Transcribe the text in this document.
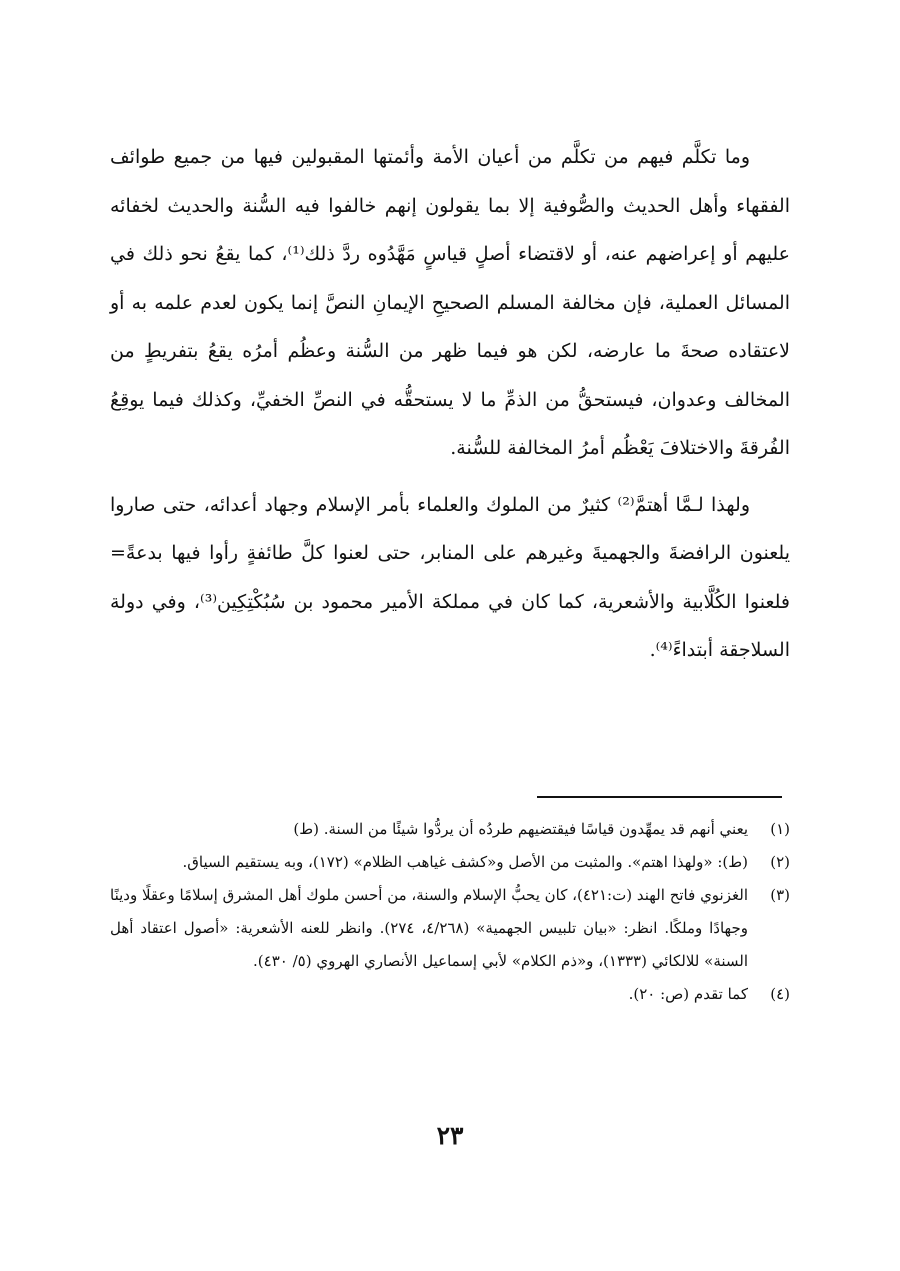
وما تكلَّم فيهم من تكلَّم من أعيان الأمة وأئمتها المقبولين فيها من جميع طوائف الفقهاء وأهل الحديث والصُّوفية إلا بما يقولون إنهم خالفوا فيه السُّنة والحديث لخفائه عليهم أو إعراضهم عنه، أو لاقتضاء أصلٍ قياسٍ مَهَّدُوه ردَّ ذلك⁽¹⁾، كما يقعُ نحو ذلك في المسائل العملية، فإن مخالفة المسلم الصحيحِ الإيمانِ النصَّ إنما يكون لعدم علمه به أو لاعتقاده صحةَ ما عارضه، لكن هو فيما ظهر من السُّنة وعظُم أمرُه يقعُ بتفريطٍ من المخالف وعدوان، فيستحقُّ من الذمِّ ما لا يستحقُّه في النصِّ الخفيِّ، وكذلك فيما يوقِعُ الفُرقةَ والاختلافَ يَعْظُم أمرُ المخالفة للسُّنة.

ولهذا لـمَّا أهتمَّ⁽²⁾ كثيرٌ من الملوك والعلماء بأمر الإسلام وجهاد أعدائه، حتى صاروا يلعنون الرافضةَ والجهميةَ وغيرهم على المنابر، حتى لعنوا كلَّ طائفةٍ رأوا فيها بدعةً= فلعنوا الكُلَّابية والأشعرية، كما كان في مملكة الأمير محمود بن سُبُكْتِكِين⁽³⁾، وفي دولة السلاجقة أبتداءً⁽⁴⁾.

(١)
يعني أنهم قد يمهِّدون قياسًا فيقتضيهم طردُه أن يردُّوا شيئًا من السنة. (ط)
(٢)
(ط): «ولهذا اهتم». والمثبت من الأصل و«كشف غياهب الظلام» (١٧٢)، وبه يستقيم السياق.
(٣)
الغزنوي فاتح الهند (ت:٤٢١)، كان يحبُّ الإسلام والسنة، من أحسن ملوك أهل المشرق إسلامًا وعقلًا ودينًا وجهادًا وملكًا. انظر: «بيان تلبيس الجهمية» (٤/٢٦٨، ٢٧٤). وانظر للعنه الأشعرية: «أصول اعتقاد أهل السنة» للالكائي (١٣٣٣)، و«ذم الكلام» لأبي إسماعيل الأنصاري الهروي (٥/ ٤٣٠).
(٤)
كما تقدم (ص: ٢٠).
٢٣
